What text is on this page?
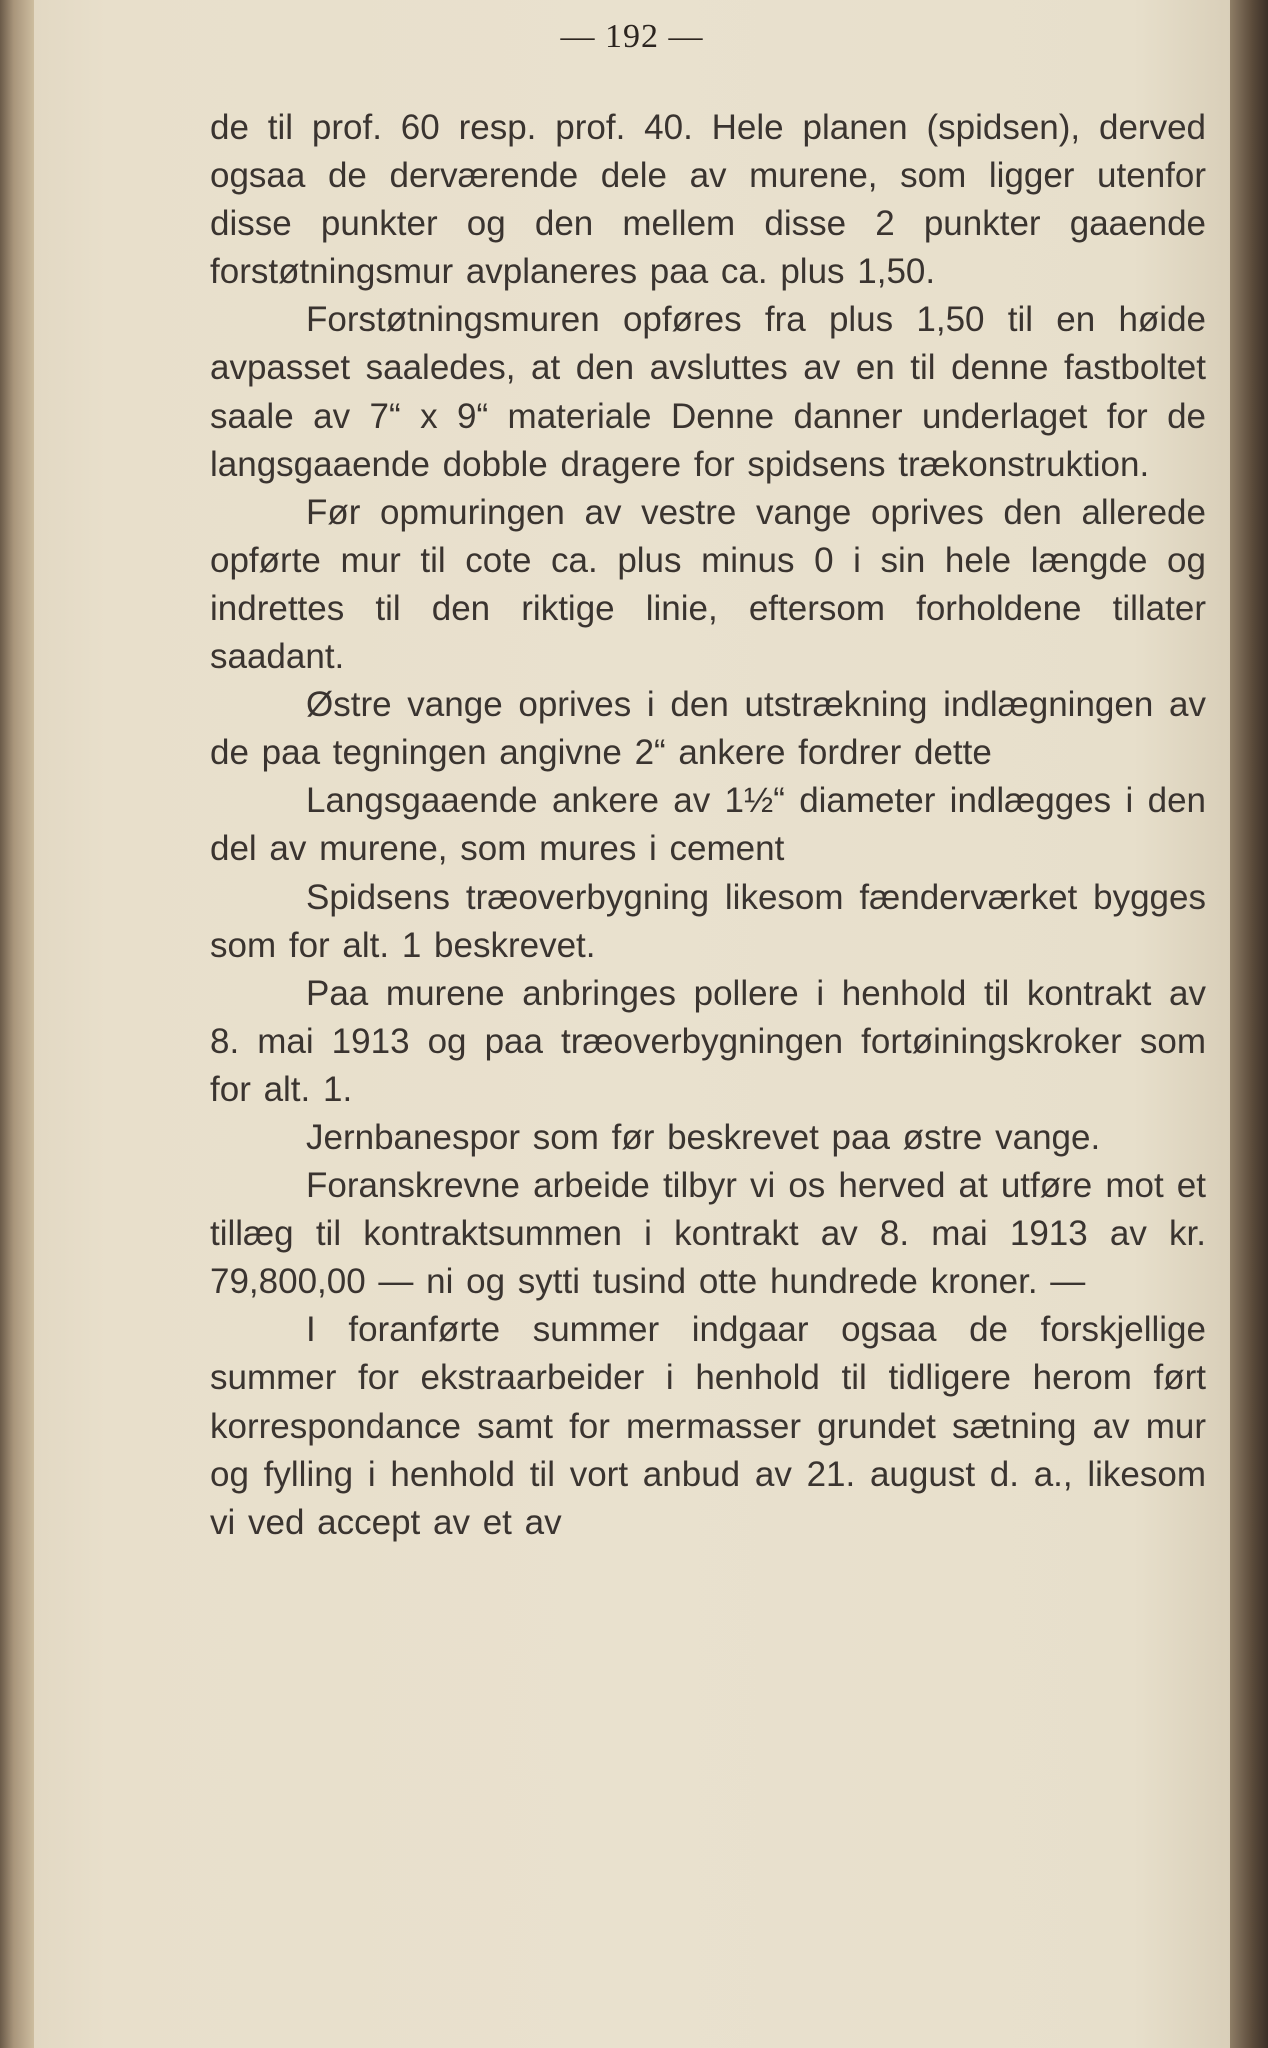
— 192 —

de til prof. 60 resp. prof. 40. Hele planen (spidsen), derved ogsaa de derværende dele av murene, som ligger utenfor disse punkter og den mellem disse 2 punkter gaaende forstøtningsmur avplaneres paa ca. plus 1,50.

Forstøtningsmuren opføres fra plus 1,50 til en høide avpasset saaledes, at den avsluttes av en til denne fastboltet saale av 7“ x 9“ materiale Denne danner underlaget for de langsgaaende dobble dragere for spidsens trækonstruktion.

Før opmuringen av vestre vange oprives den allerede opførte mur til cote ca. plus minus 0 i sin hele længde og indrettes til den riktige linie, eftersom forholdene tillater saadant.

Østre vange oprives i den utstrækning indlægningen av de paa tegningen angivne 2“ ankere fordrer dette

Langsgaaende ankere av 1½“ diameter indlægges i den del av murene, som mures i cement

Spidsens træoverbygning likesom fænderværket bygges som for alt. 1 beskrevet.

Paa murene anbringes pollere i henhold til kontrakt av 8. mai 1913 og paa træoverbygningen fortøiningskroker som for alt. 1.

Jernbanespor som før beskrevet paa østre vange.

Foranskrevne arbeide tilbyr vi os herved at utføre mot et tillæg til kontraktsummen i kontrakt av 8. mai 1913 av kr. 79,800,00 — ni og sytti tusind otte hundrede kroner. —

I foranførte summer indgaar ogsaa de forskjellige summer for ekstraarbeider i henhold til tidligere herom ført korrespondance samt for mermasser grundet sætning av mur og fylling i henhold til vort anbud av 21. august d. a., likesom vi ved accept av et av
